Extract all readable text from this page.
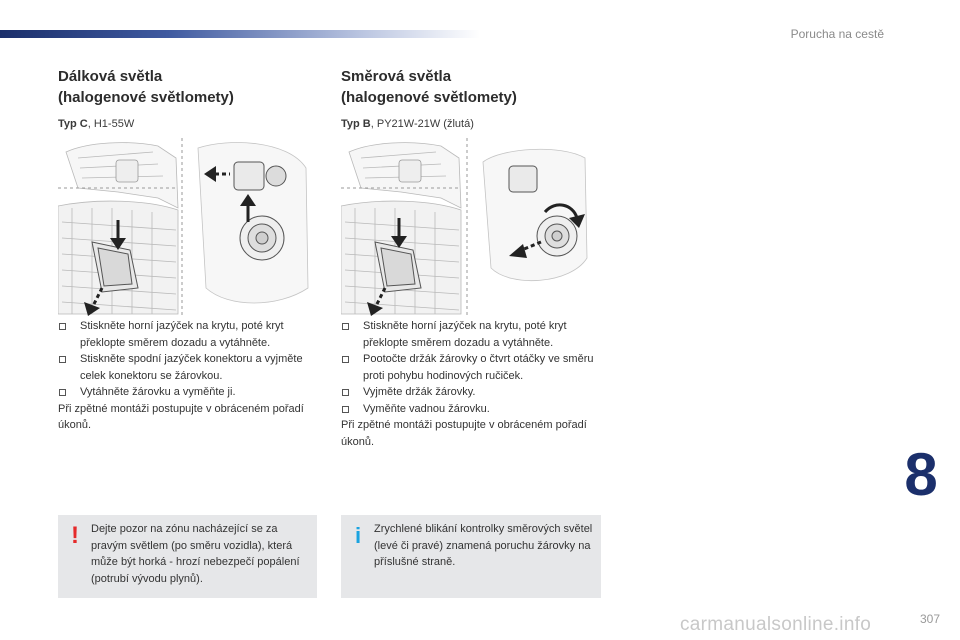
Porucha na cestě
Dálková světla
(halogenové světlomety)
Typ C, H1-55W
Stiskněte horní jazýček na krytu, poté kryt překlopte směrem dozadu a vytáhněte.
Stiskněte spodní jazýček konektoru a vyjměte celek konektoru se žárovkou.
Vytáhněte žárovku a vyměňte ji.

Při zpětné montáži postupujte v obráceném pořadí úkonů.

Směrová světla
(halogenové světlomety)
Typ B, PY21W-21W (žlutá)
Stiskněte horní jazýček na krytu, poté kryt překlopte směrem dozadu a vytáhněte.
Pootočte držák žárovky o čtvrt otáčky ve směru proti pohybu hodinových ručiček.
Vyjměte držák žárovky.
Vyměňte vadnou žárovku.

Při zpětné montáži postupujte v obráceném pořadí úkonů.

!	Dejte pozor na zónu nacházející se za pravým světlem (po směru vozidla), která může být horká - hrozí nebezpečí popálení (potrubí vývodu plynů).
i	Zrychlené blikání kontrolky směrových světel (levé či pravé) znamená poruchu žárovky na příslušné straně.
8
carmanualsonline.info	307
